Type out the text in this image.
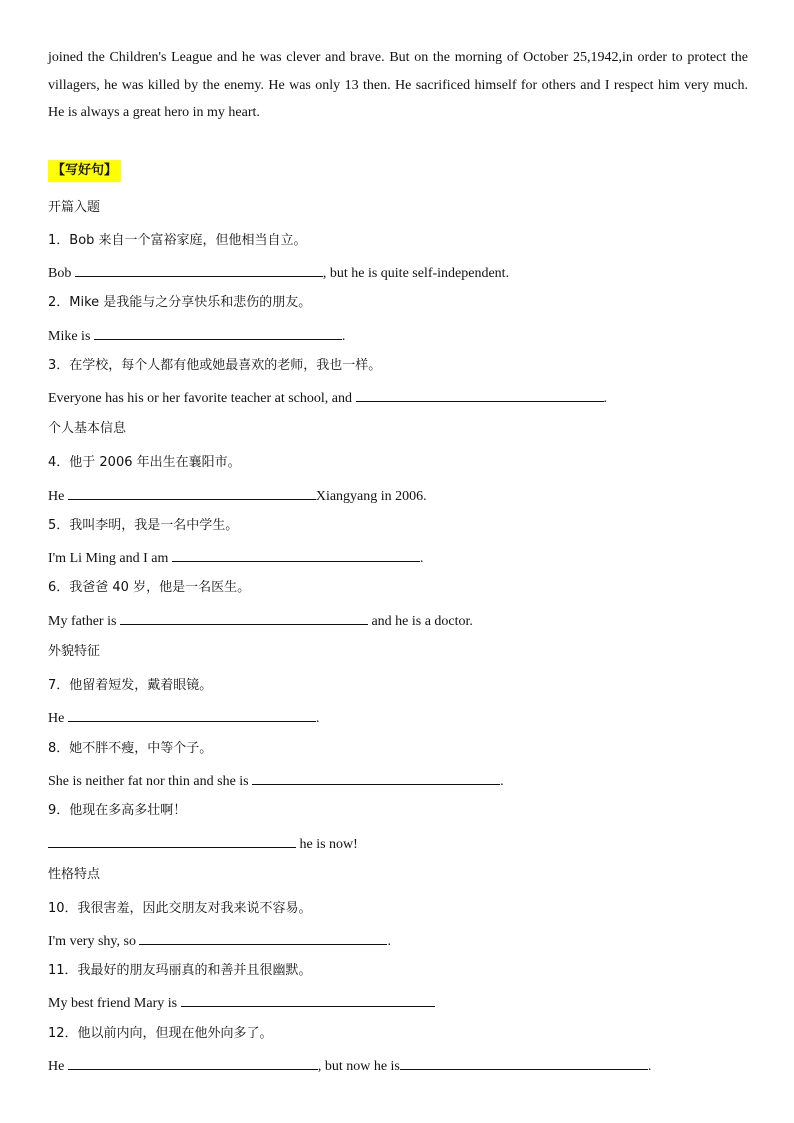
joined the Children's League and he was clever and brave. But on the morning of October 25,1942,in order to protect the villagers, he was killed by the enemy. He was only 13 then. He sacrificed himself for others and I respect him very much. He is always a great hero in my heart.

【写好句】
开篇入题
1．Bob 来自一个富裕家庭，但他相当自立。
Bob	, but he is quite self-independent.
2．Mike 是我能与之分享快乐和悲伤的朋友。
Mike is	.
3．在学校，每个人都有他或她最喜欢的老师，我也一样。
Everyone has his or her favorite teacher at school, and	.
个人基本信息
4．他于 2006 年出生在襄阳市。
He	Xiangyang in 2006.
5．我叫李明，我是一名中学生。
I'm Li Ming and I am	.
6．我爸爸 40 岁，他是一名医生。
My father is	and he is a doctor.
外貌特征
7．他留着短发，戴着眼镜。
He	.
8．她不胖不瘦，中等个子。
She is neither fat nor thin and she is	.
9．他现在多高多壮啊！
he is now!
性格特点
10．我很害羞，因此交朋友对我来说不容易。
I'm very shy, so	.
11．我最好的朋友玛丽真的和善并且很幽默。
My best friend Mary is
12．他以前内向，但现在他外向多了。
He	, but now he is	.
